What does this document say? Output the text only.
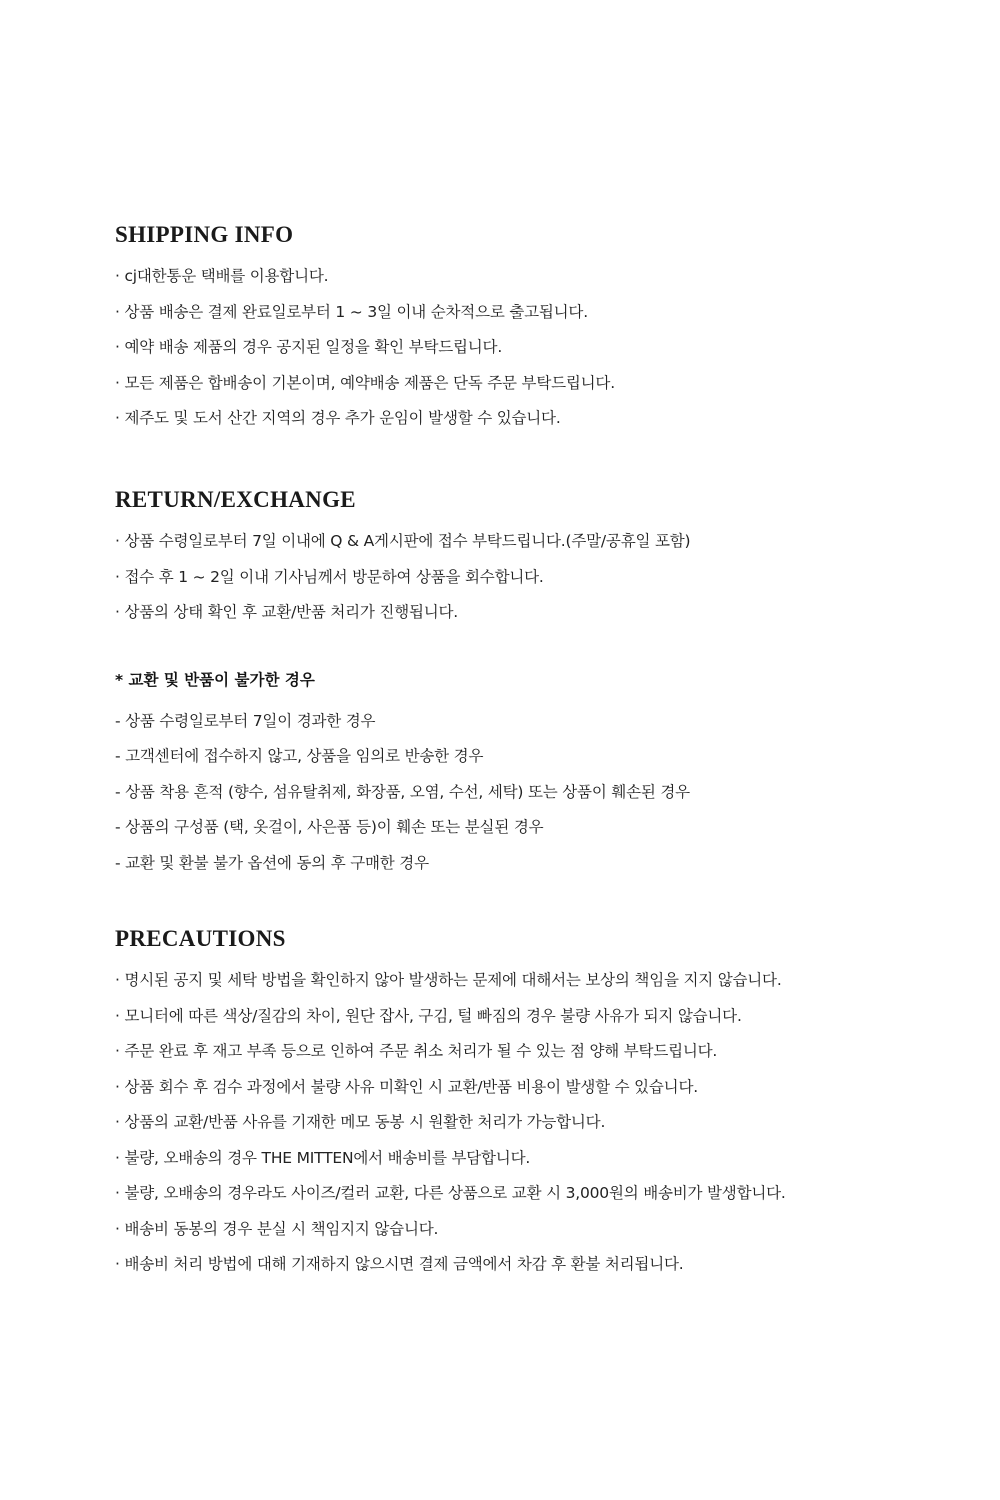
SHIPPING INFO
· cj대한통운 택배를 이용합니다.
· 상품 배송은 결제 완료일로부터 1 ~ 3일 이내 순차적으로 출고됩니다.
· 예약 배송 제품의 경우 공지된 일정을 확인 부탁드립니다.
· 모든 제품은 합배송이 기본이며, 예약배송 제품은 단독 주문 부탁드립니다.
· 제주도 및 도서 산간 지역의 경우 추가 운임이 발생할 수 있습니다.
RETURN/EXCHANGE
· 상품 수령일로부터 7일 이내에 Q & A게시판에 접수 부탁드립니다.(주말/공휴일 포함)
· 접수 후 1 ~ 2일 이내 기사님께서 방문하여 상품을 회수합니다.
· 상품의 상태 확인 후 교환/반품 처리가 진행됩니다.
* 교환 및 반품이 불가한 경우
- 상품 수령일로부터 7일이 경과한 경우
- 고객센터에 접수하지 않고, 상품을 임의로 반송한 경우
- 상품 착용 흔적 (향수, 섬유탈취제, 화장품, 오염, 수선, 세탁) 또는 상품이 훼손된 경우
- 상품의 구성품 (택, 옷걸이, 사은품 등)이 훼손 또는 분실된 경우
- 교환 및 환불 불가 옵션에 동의 후 구매한 경우
PRECAUTIONS
· 명시된 공지 및 세탁 방법을 확인하지 않아 발생하는 문제에 대해서는 보상의 책임을 지지 않습니다.
· 모니터에 따른 색상/질감의 차이, 원단 잡사, 구김, 털 빠짐의 경우 불량 사유가 되지 않습니다.
· 주문 완료 후 재고 부족 등으로 인하여 주문 취소 처리가 될 수 있는 점 양해 부탁드립니다.
· 상품 회수 후 검수 과정에서 불량 사유 미확인 시 교환/반품 비용이 발생할 수 있습니다.
· 상품의 교환/반품 사유를 기재한 메모 동봉 시 원활한 처리가 가능합니다.
· 불량, 오배송의 경우 THE MITTEN에서 배송비를 부담합니다.
· 불량, 오배송의 경우라도 사이즈/컬러 교환, 다른 상품으로 교환 시 3,000원의 배송비가 발생합니다.
· 배송비 동봉의 경우 분실 시 책임지지 않습니다.
· 배송비 처리 방법에 대해 기재하지 않으시면 결제 금액에서 차감 후 환불 처리됩니다.
